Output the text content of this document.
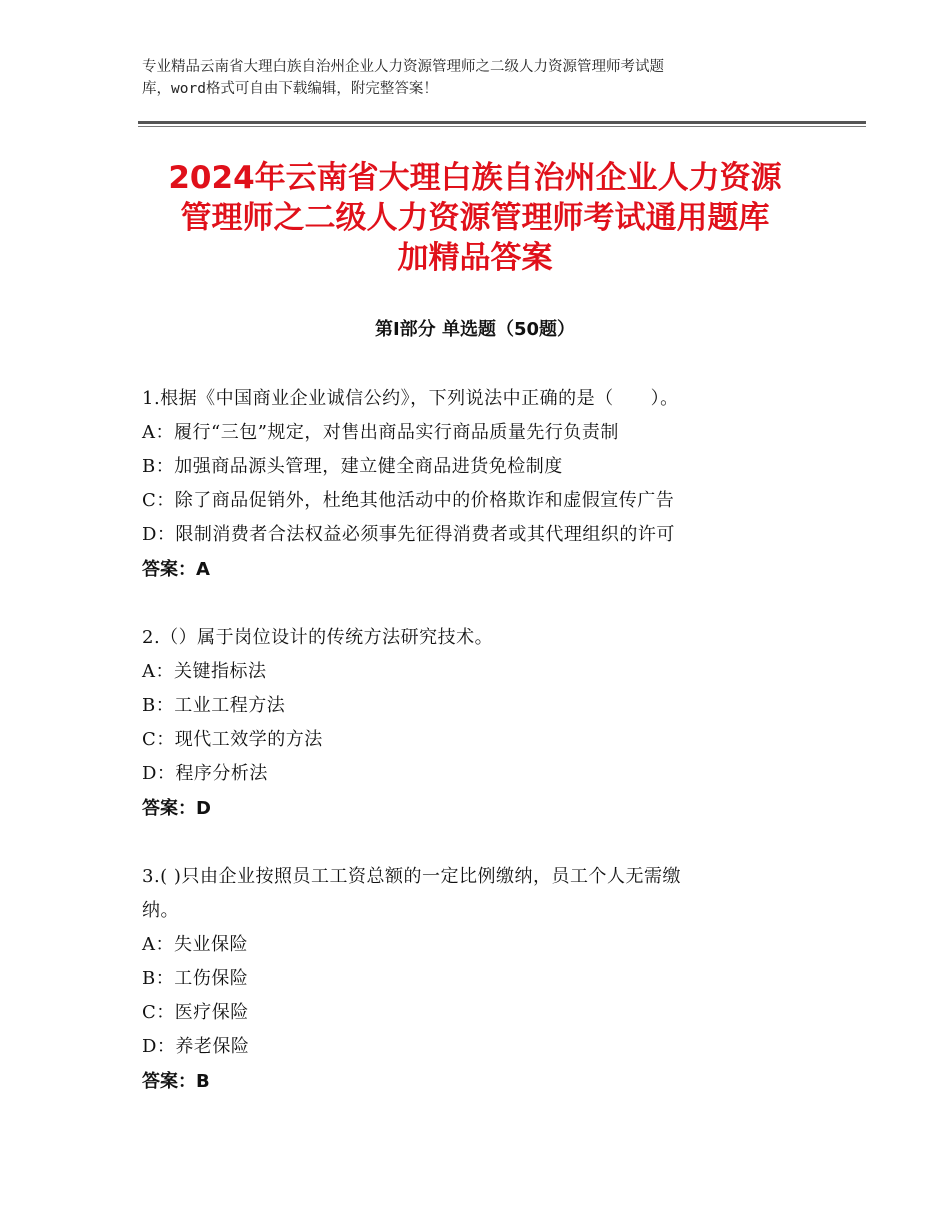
专业精品云南省大理白族自治州企业人力资源管理师之二级人力资源管理师考试题
库，word格式可自由下载编辑，附完整答案！
2024年云南省大理白族自治州企业人力资源
管理师之二级人力资源管理师考试通用题库
加精品答案
第Ⅰ部分 单选题（50题）
1.根据《中国商业企业诚信公约》，下列说法中正确的是（　　）。
A：履行“三包”规定，对售出商品实行商品质量先行负责制
B：加强商品源头管理，建立健全商品进货免检制度
C：除了商品促销外，杜绝其他活动中的价格欺诈和虚假宣传广告
D：限制消费者合法权益必须事先征得消费者或其代理组织的许可
答案：A
2.（）属于岗位设计的传统方法研究技术。
A：关键指标法
B：工业工程方法
C：现代工效学的方法
D：程序分析法
答案：D
3.( )只由企业按照员工工资总额的一定比例缴纳，员工个人无需缴
纳。
A：失业保险
B：工伤保险
C：医疗保险
D：养老保险
答案：B
